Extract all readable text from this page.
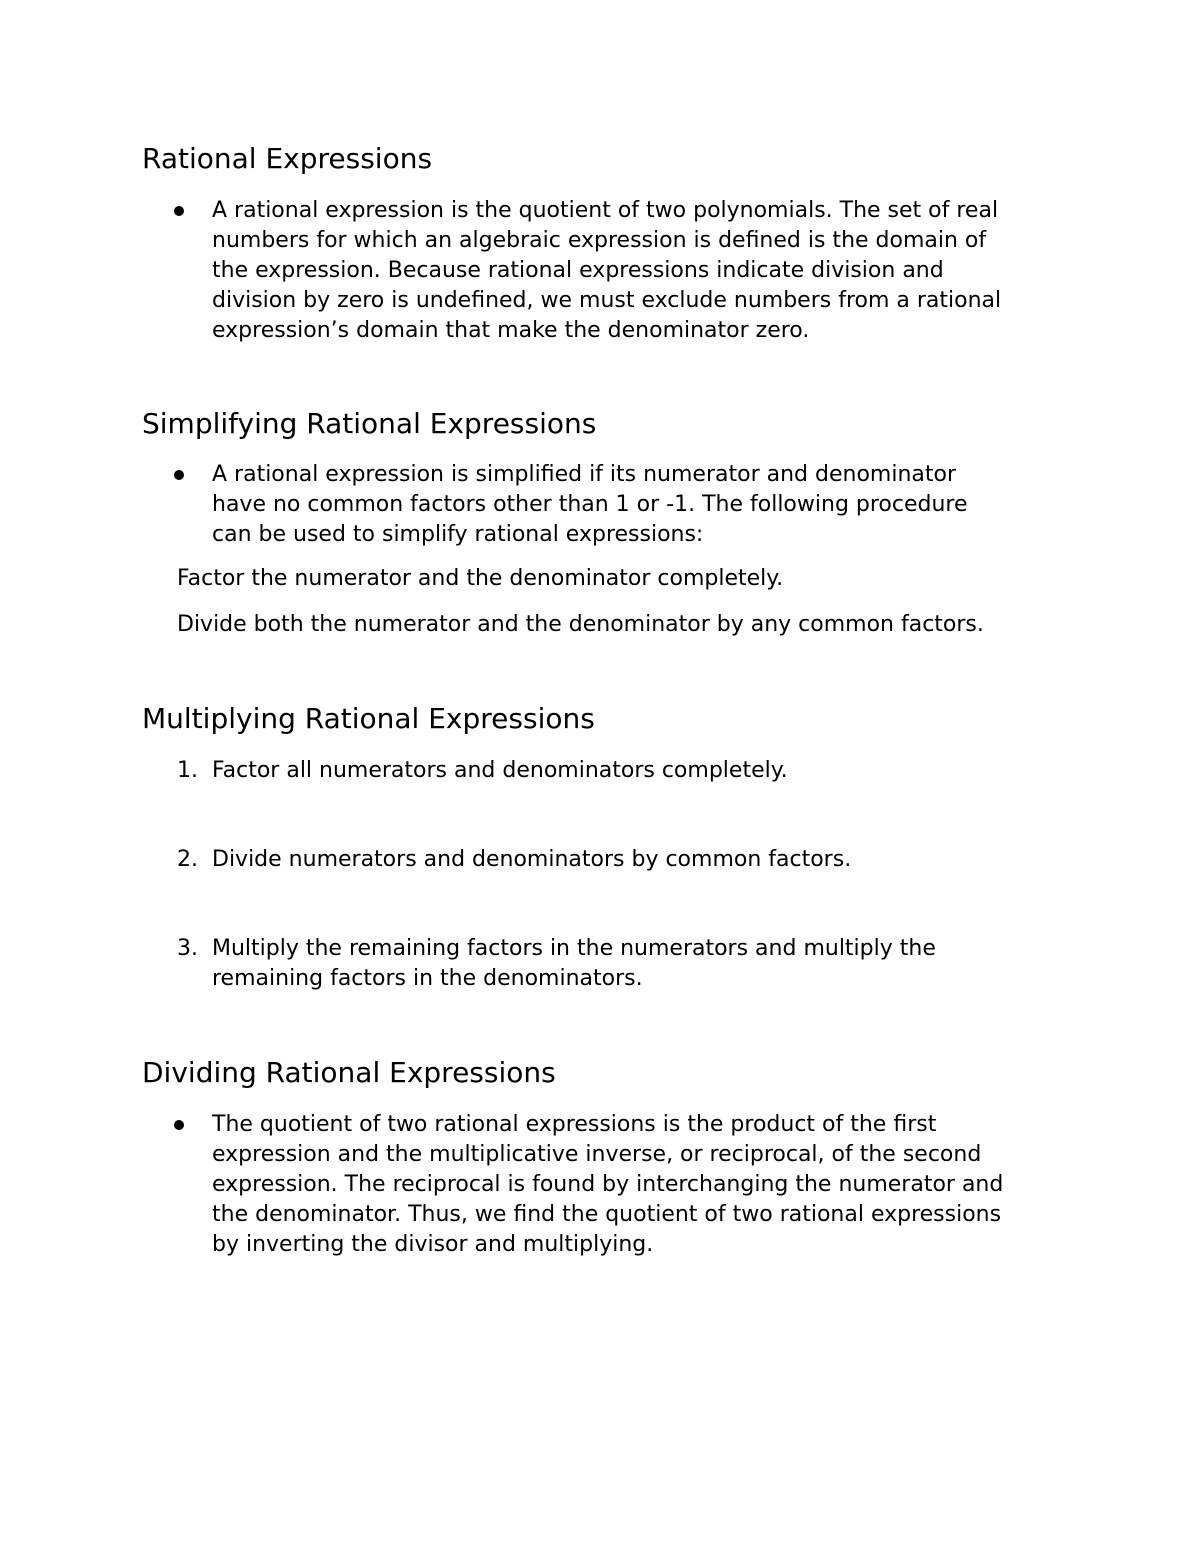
Rational Expressions

A rational expression is the quotient of two polynomials. The set of real
numbers for which an algebraic expression is defined is the domain of
the expression. Because rational expressions indicate division and
division by zero is undefined, we must exclude numbers from a rational
expression’s domain that make the denominator zero.

Simplifying Rational Expressions

A rational expression is simplified if its numerator and denominator
have no common factors other than 1 or -1. The following procedure
can be used to simplify rational expressions:

Factor the numerator and the denominator completely.

Divide both the numerator and the denominator by any common factors.

Multiplying Rational Expressions
1. Factor all numerators and denominators completely.

2. Divide numerators and denominators by common factors.

3. Multiply the remaining factors in the numerators and multiply the
remaining factors in the denominators.

Dividing Rational Expressions

The quotient of two rational expressions is the product of the first
expression and the multiplicative inverse, or reciprocal, of the second
expression. The reciprocal is found by interchanging the numerator and
the denominator. Thus, we find the quotient of two rational expressions
by inverting the divisor and multiplying.
